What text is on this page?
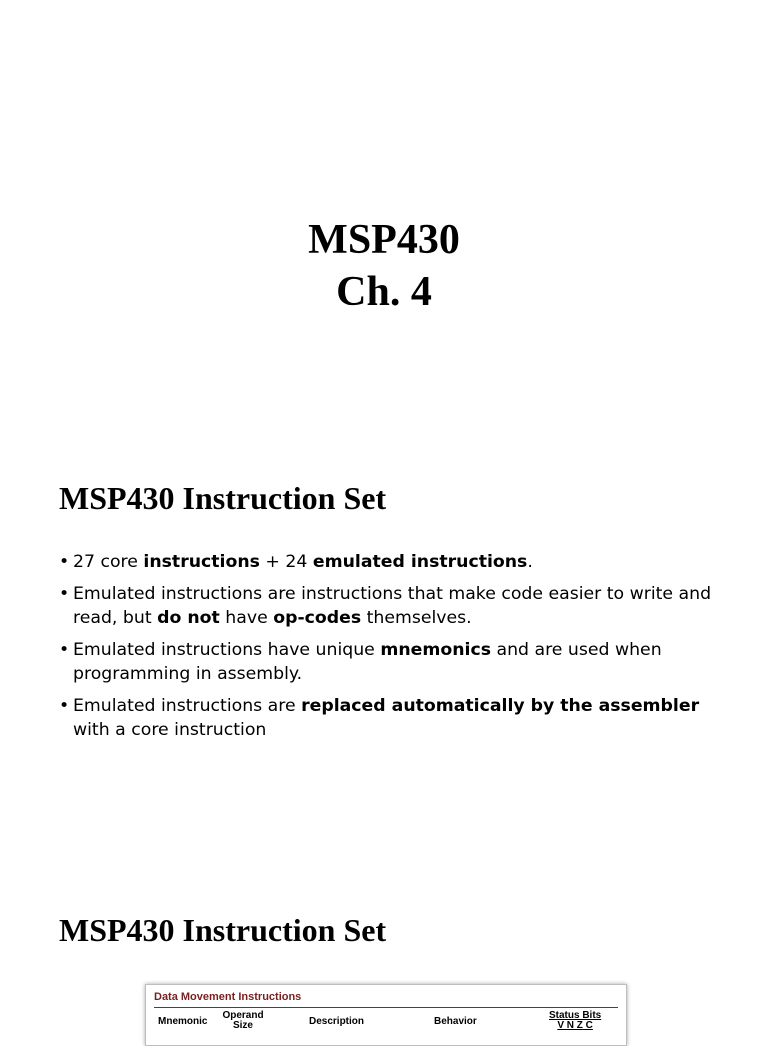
MSP430
Ch. 4
MSP430 Instruction Set
• 27 core instructions + 24 emulated instructions.
• Emulated instructions are instructions that make code easier to write and read, but do not have op-codes themselves.
• Emulated instructions have unique mnemonics and are used when programming in assembly.
• Emulated instructions are replaced automatically by the assembler with a core instruction
MSP430 Instruction Set
Data Movement Instructions
Mnemonic
Operand
Size	Description	Behavior
Status Bits
V N Z C
